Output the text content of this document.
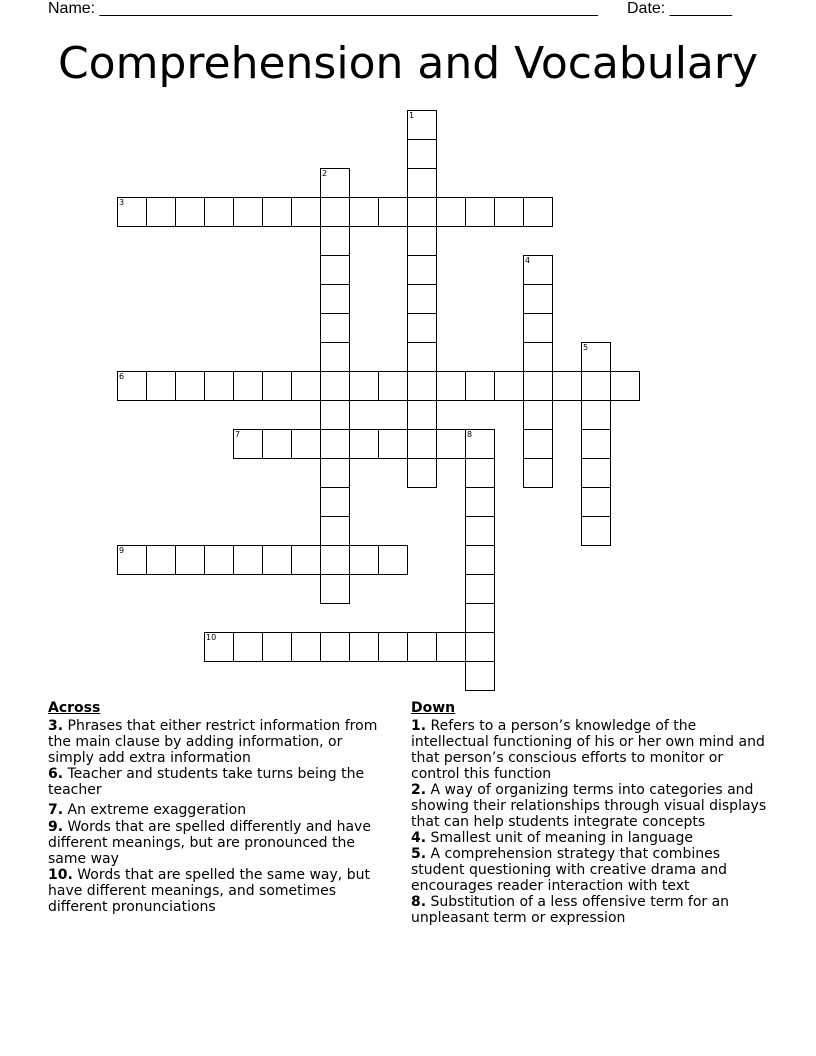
Name: ________________________________________________________ Date: _______
Comprehension and Vocabulary
1
2
3
4
5
6
7	8
9
10
Across

3. Phrases that either restrict information from the main clause by adding information, or simply add extra information

6. Teacher and students take turns being the teacher

7. An extreme exaggeration

9. Words that are spelled differently and have different meanings, but are pronounced the same way

10. Words that are spelled the same way, but have different meanings, and sometimes different pronunciations

Down

1. Refers to a person’s knowledge of the intellectual functioning of his or her own mind and that person’s conscious efforts to monitor or control this function

2. A way of organizing terms into categories and showing their relationships through visual displays that can help students integrate concepts

4. Smallest unit of meaning in language

5. A comprehension strategy that combines student questioning with creative drama and encourages reader interaction with text

8. Substitution of a less offensive term for an unpleasant term or expression
